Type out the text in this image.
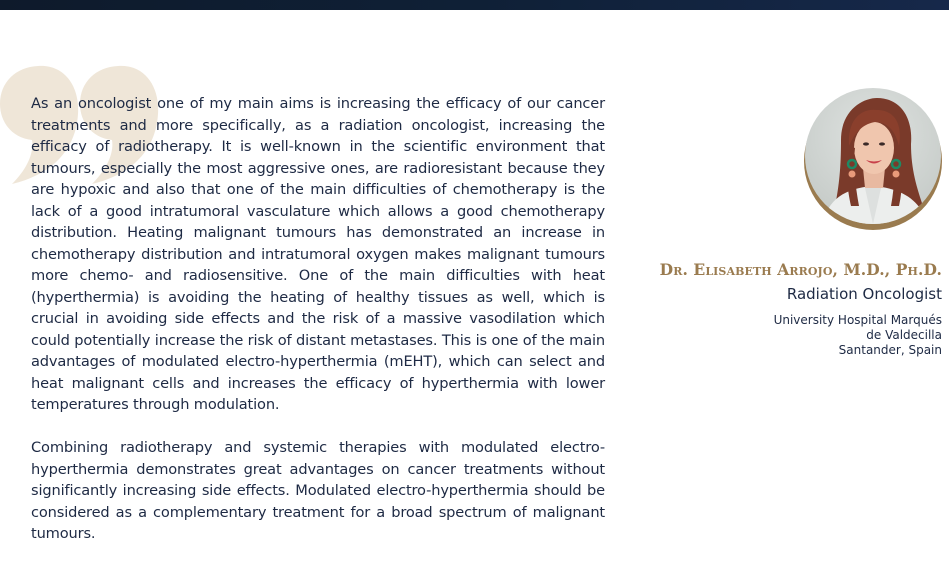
As an oncologist one of my main aims is increasing the efficacy of our cancer treatments and more specifically, as a radiation oncologist, increasing the efficacy of radiotherapy. It is well-known in the scientific environment that tumours, especially the most aggressive ones, are radioresistant because they are hypoxic and also that one of the main difficulties of chemotherapy is the lack of a good intratumoral vasculature which allows a good chemotherapy distribution. Heating malignant tumours has demonstrated an increase in chemotherapy distribution and intratumoral oxygen makes malignant tumours more chemo- and radiosensitive. One of the main difficulties with heat (hyperthermia) is avoiding the heating of healthy tissues as well, which is crucial in avoiding side effects and the risk of a massive vasodilation which could potentially increase the risk of distant metastases. This is one of the main advantages of modulated electro-hyperthermia (mEHT), which can select and heat malignant cells and increases the efficacy of hyperthermia with lower temperatures through modulation.

Combining radiotherapy and systemic therapies with modulated electro-hyperthermia demonstrates great advantages on cancer treatments without significantly increasing side effects. Modulated electro-hyperthermia should be considered as a complementary treatment for a broad spectrum of malignant tumours.

Dr. Elisabeth Arrojo, M.D., Ph.D.
Radiation Oncologist
University Hospital Marqués
de Valdecilla
Santander, Spain
